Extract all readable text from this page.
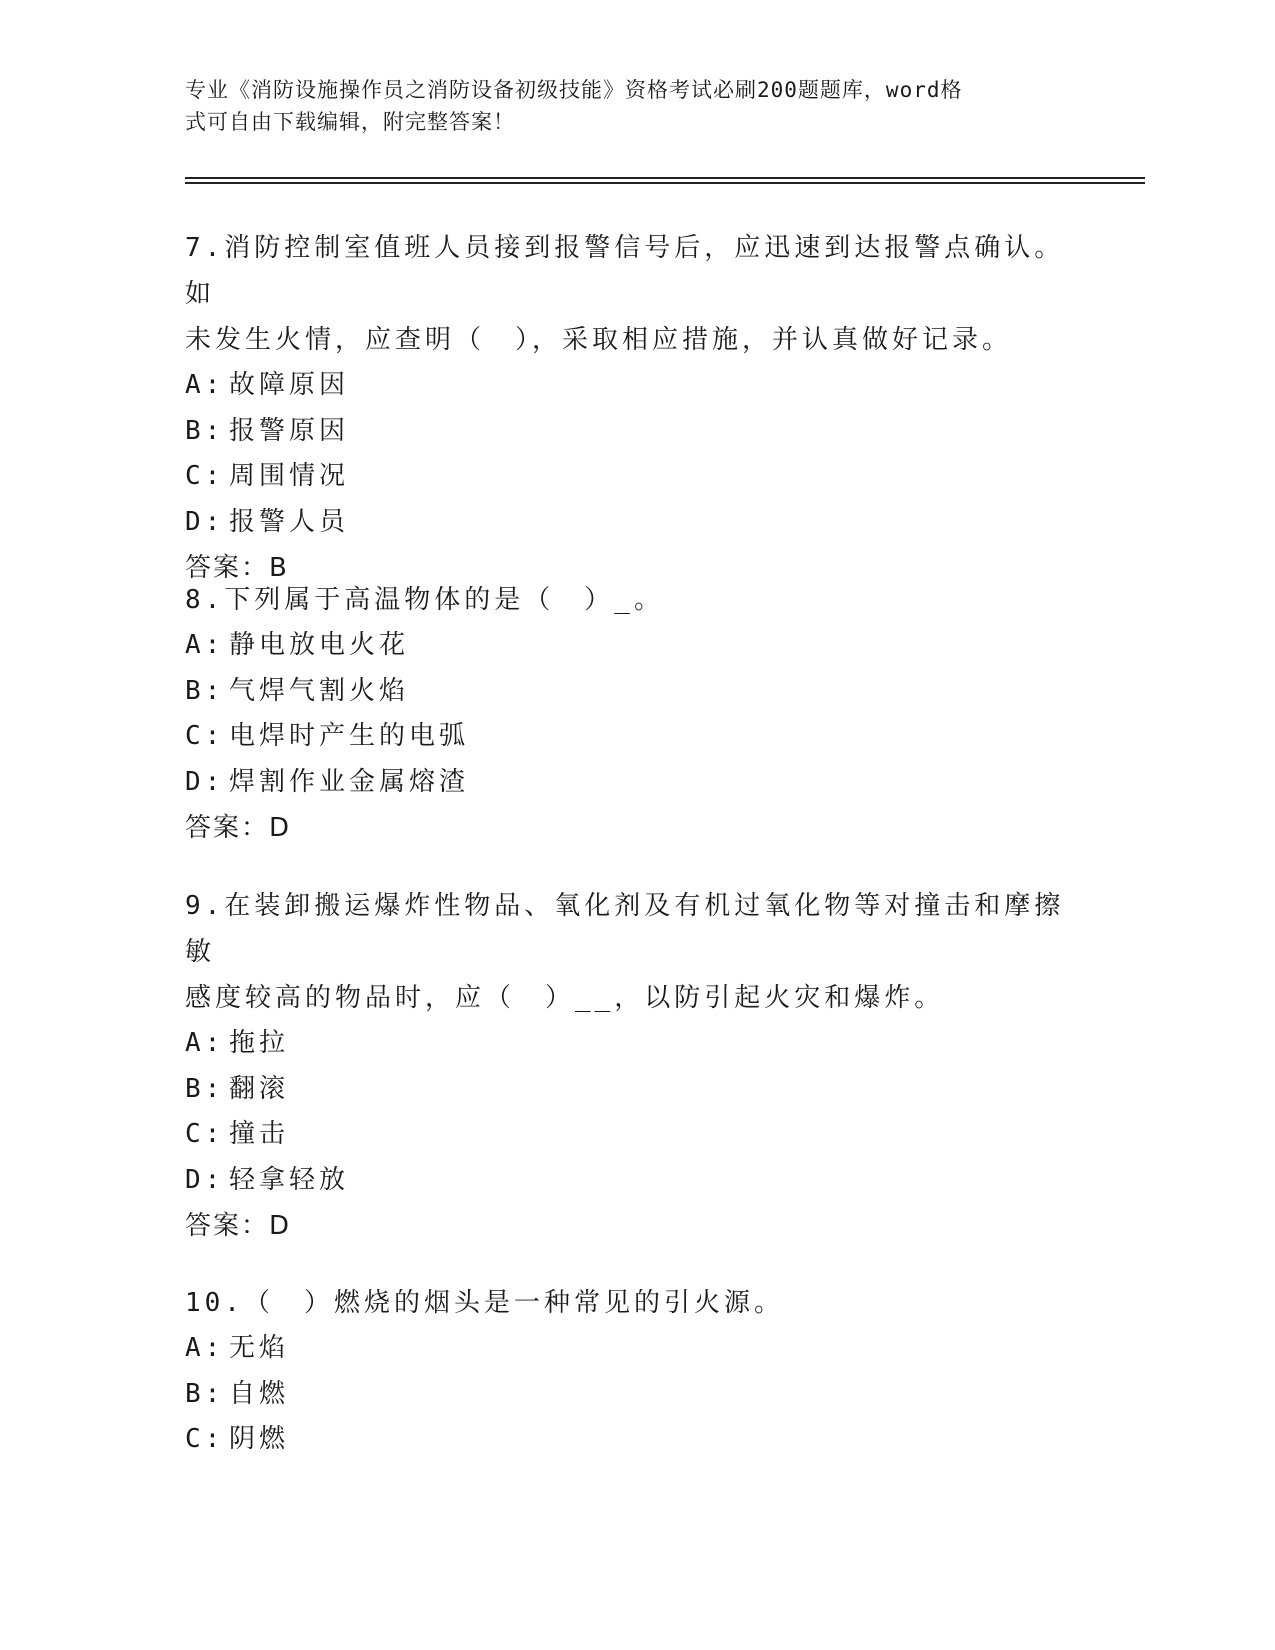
专业《消防设施操作员之消防设备初级技能》资格考试必刷200题题库，word格
式可自由下载编辑，附完整答案！
7.消防控制室值班人员接到报警信号后，应迅速到达报警点确认。如
未发生火情，应查明（　），采取相应措施，并认真做好记录。
A: 故障原因
B: 报警原因
C: 周围情况
D: 报警人员
答案：B
8.下列属于高温物体的是（　）_。
A: 静电放电火花
B: 气焊气割火焰
C: 电焊时产生的电弧
D: 焊割作业金属熔渣
答案：D
9.在装卸搬运爆炸性物品、氧化剂及有机过氧化物等对撞击和摩擦敏
感度较高的物品时，应（　）__，以防引起火灾和爆炸。
A: 拖拉
B: 翻滚
C: 撞击
D: 轻拿轻放
答案：D
10.（　）燃烧的烟头是一种常见的引火源。
A: 无焰
B: 自燃
C: 阴燃
